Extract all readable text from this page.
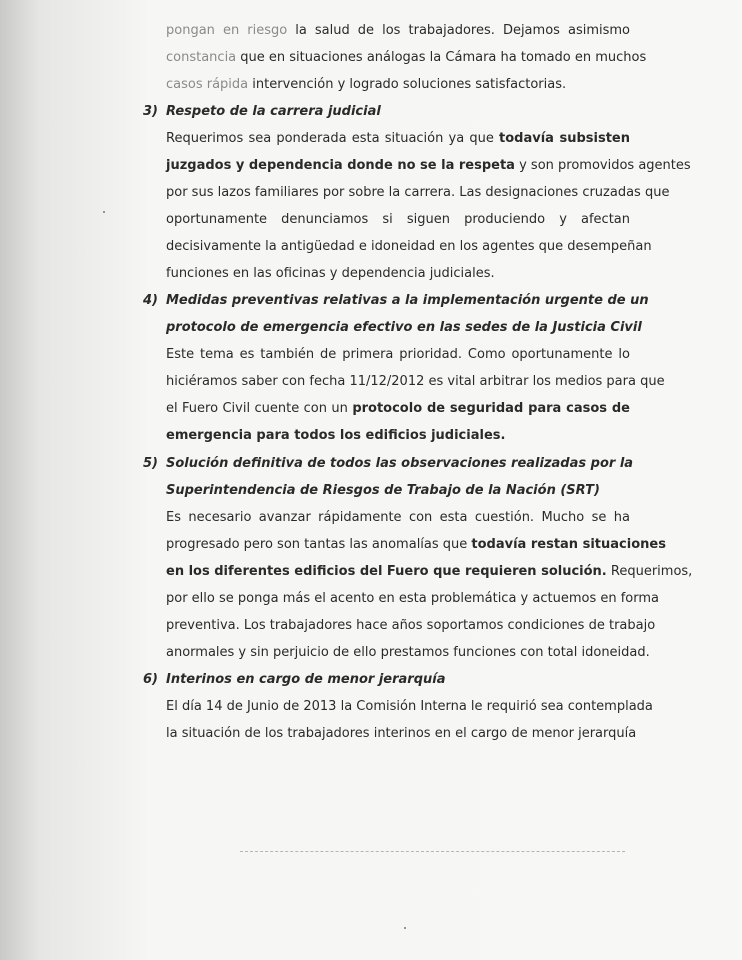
pongan en riesgo la salud de los trabajadores. Dejamos asimismo
constancia que en situaciones análogas la Cámara ha tomado en muchos
casos rápida intervención y logrado soluciones satisfactorias.
3) Respeto de la carrera judicial
Requerimos sea ponderada esta situación ya que todavía subsisten
juzgados y dependencia donde no se la respeta y son promovidos agentes
por sus lazos familiares por sobre la carrera. Las designaciones cruzadas que
oportunamente denunciamos si siguen produciendo y afectan
decisivamente la antigüedad e idoneidad en los agentes que desempeñan
funciones en las oficinas y dependencia judiciales.
4) Medidas preventivas relativas a la implementación urgente de un
protocolo de emergencia efectivo en las sedes de la Justicia Civil
Este tema es también de primera prioridad. Como oportunamente lo
hiciéramos saber con fecha 11/12/2012 es vital arbitrar los medios para que
el Fuero Civil cuente con un protocolo de seguridad para casos de
emergencia para todos los edificios judiciales.
5) Solución definitiva de todos las observaciones realizadas por la
Superintendencia de Riesgos de Trabajo de la Nación (SRT)
Es necesario avanzar rápidamente con esta cuestión. Mucho se ha
progresado pero son tantas las anomalías que todavía restan situaciones
en los diferentes edificios del Fuero que requieren solución. Requerimos,
por ello se ponga más el acento en esta problemática y actuemos en forma
preventiva. Los trabajadores hace años soportamos condiciones de trabajo
anormales y sin perjuicio de ello prestamos funciones con total idoneidad.
6) Interinos en cargo de menor jerarquía
El día 14 de Junio de 2013 la Comisión Interna le requirió sea contemplada
la situación de los trabajadores interinos en el cargo de menor jerarquía
